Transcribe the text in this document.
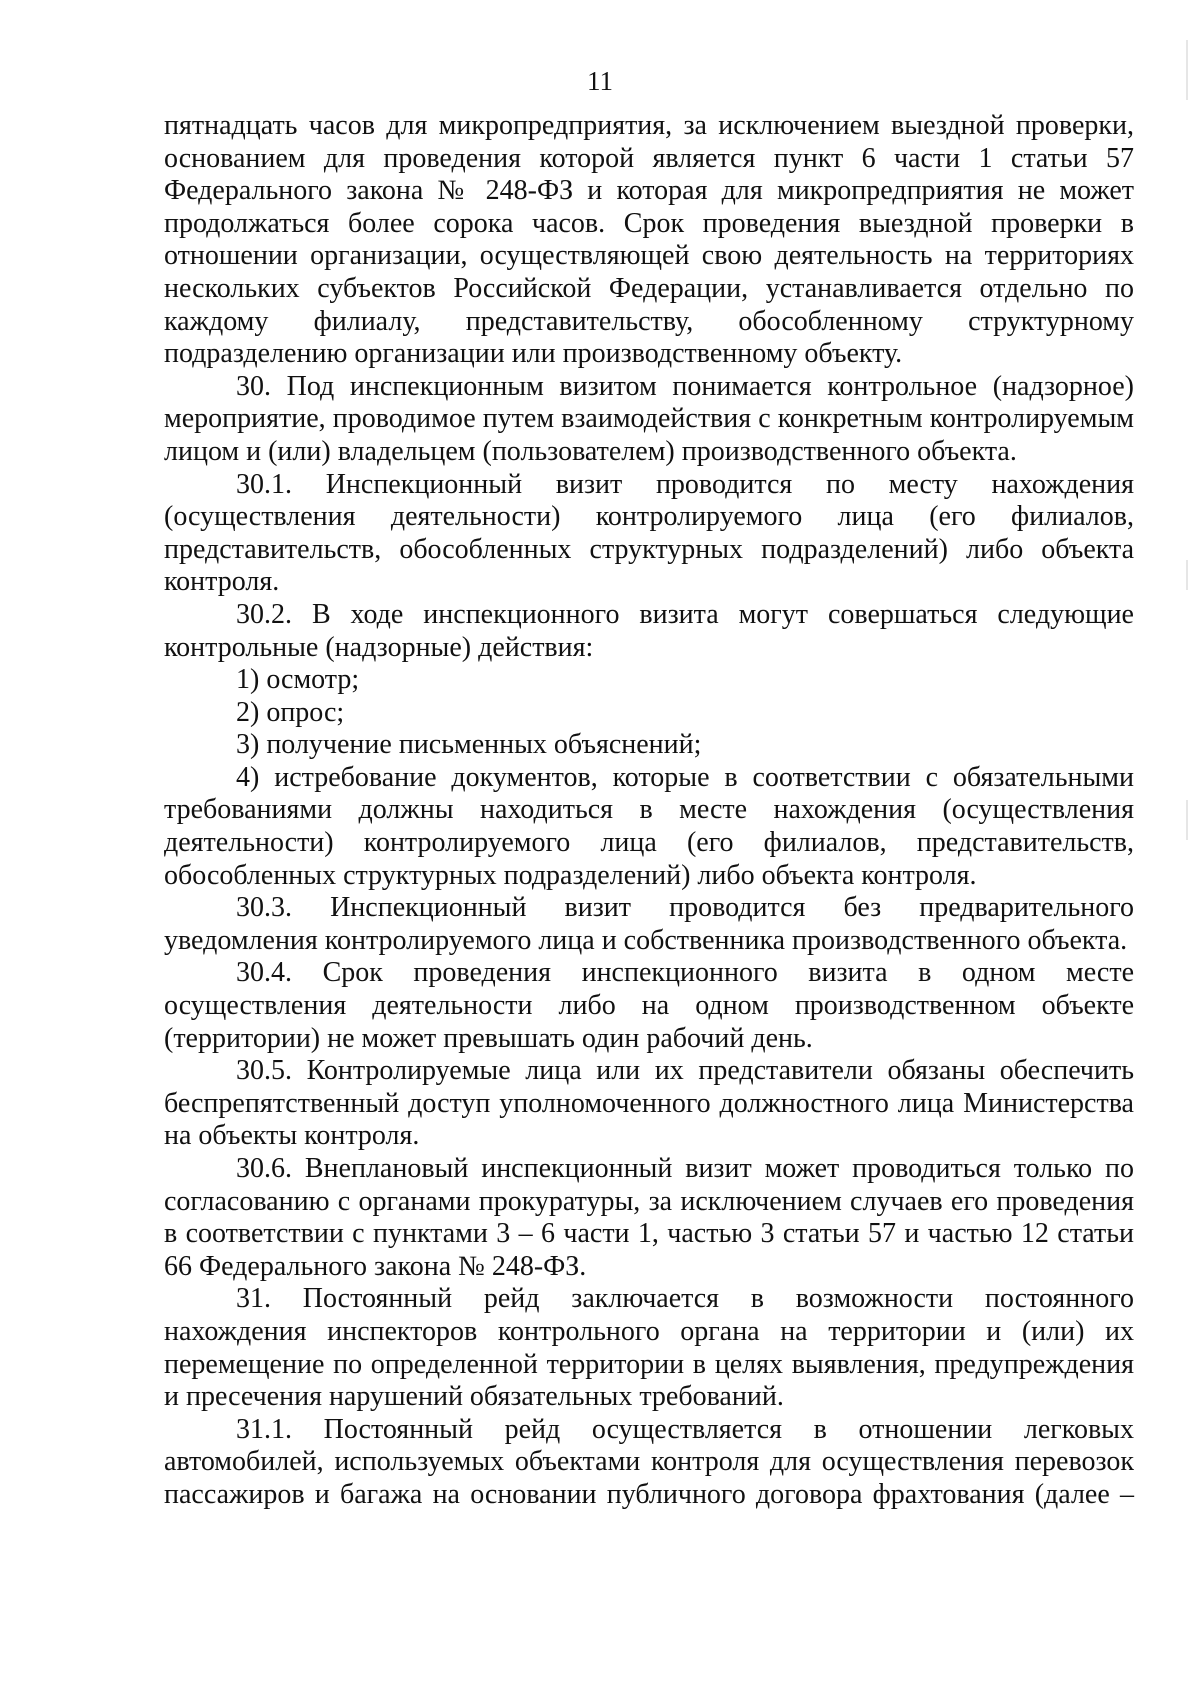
11

пятнадцать часов для микропредприятия, за исключением выездной проверки, основанием для проведения которой является пункт 6 части 1 статьи 57 Федерального закона № 248-ФЗ и которая для микропредприятия не может продолжаться более сорока часов. Срок проведения выездной проверки в отношении организации, осуществляющей свою деятельность на территориях нескольких субъектов Российской Федерации, устанавливается отдельно по каждому филиалу, представительству, обособленному структурному подразделению организации или производственному объекту.

30. Под инспекционным визитом понимается контрольное (надзорное) мероприятие, проводимое путем взаимодействия с конкретным контролируемым лицом и (или) владельцем (пользователем) производственного объекта.

30.1. Инспекционный визит проводится по месту нахождения (осуществления деятельности) контролируемого лица (его филиалов, представительств, обособленных структурных подразделений) либо объекта контроля.

30.2. В ходе инспекционного визита могут совершаться следующие контрольные (надзорные) действия:

1) осмотр;

2) опрос;

3) получение письменных объяснений;

4) истребование документов, которые в соответствии с обязательными требованиями должны находиться в месте нахождения (осуществления деятельности) контролируемого лица (его филиалов, представительств, обособленных структурных подразделений) либо объекта контроля.

30.3. Инспекционный визит проводится без предварительного уведомления контролируемого лица и собственника производственного объекта.

30.4. Срок проведения инспекционного визита в одном месте осуществления деятельности либо на одном производственном объекте (территории) не может превышать один рабочий день.

30.5. Контролируемые лица или их представители обязаны обеспечить беспрепятственный доступ уполномоченного должностного лица Министерства на объекты контроля.

30.6. Внеплановый инспекционный визит может проводиться только по согласованию с органами прокуратуры, за исключением случаев его проведения в соответствии с пунктами 3 – 6 части 1, частью 3 статьи 57 и частью 12 статьи 66 Федерального закона № 248-ФЗ.

31. Постоянный рейд заключается в возможности постоянного нахождения инспекторов контрольного органа на территории и (или) их перемещение по определенной территории в целях выявления, предупреждения и пресечения нарушений обязательных требований.

31.1. Постоянный рейд осуществляется в отношении легковых автомобилей, используемых объектами контроля для осуществления перевозок пассажиров и багажа на основании публичного договора фрахтования (далее –
